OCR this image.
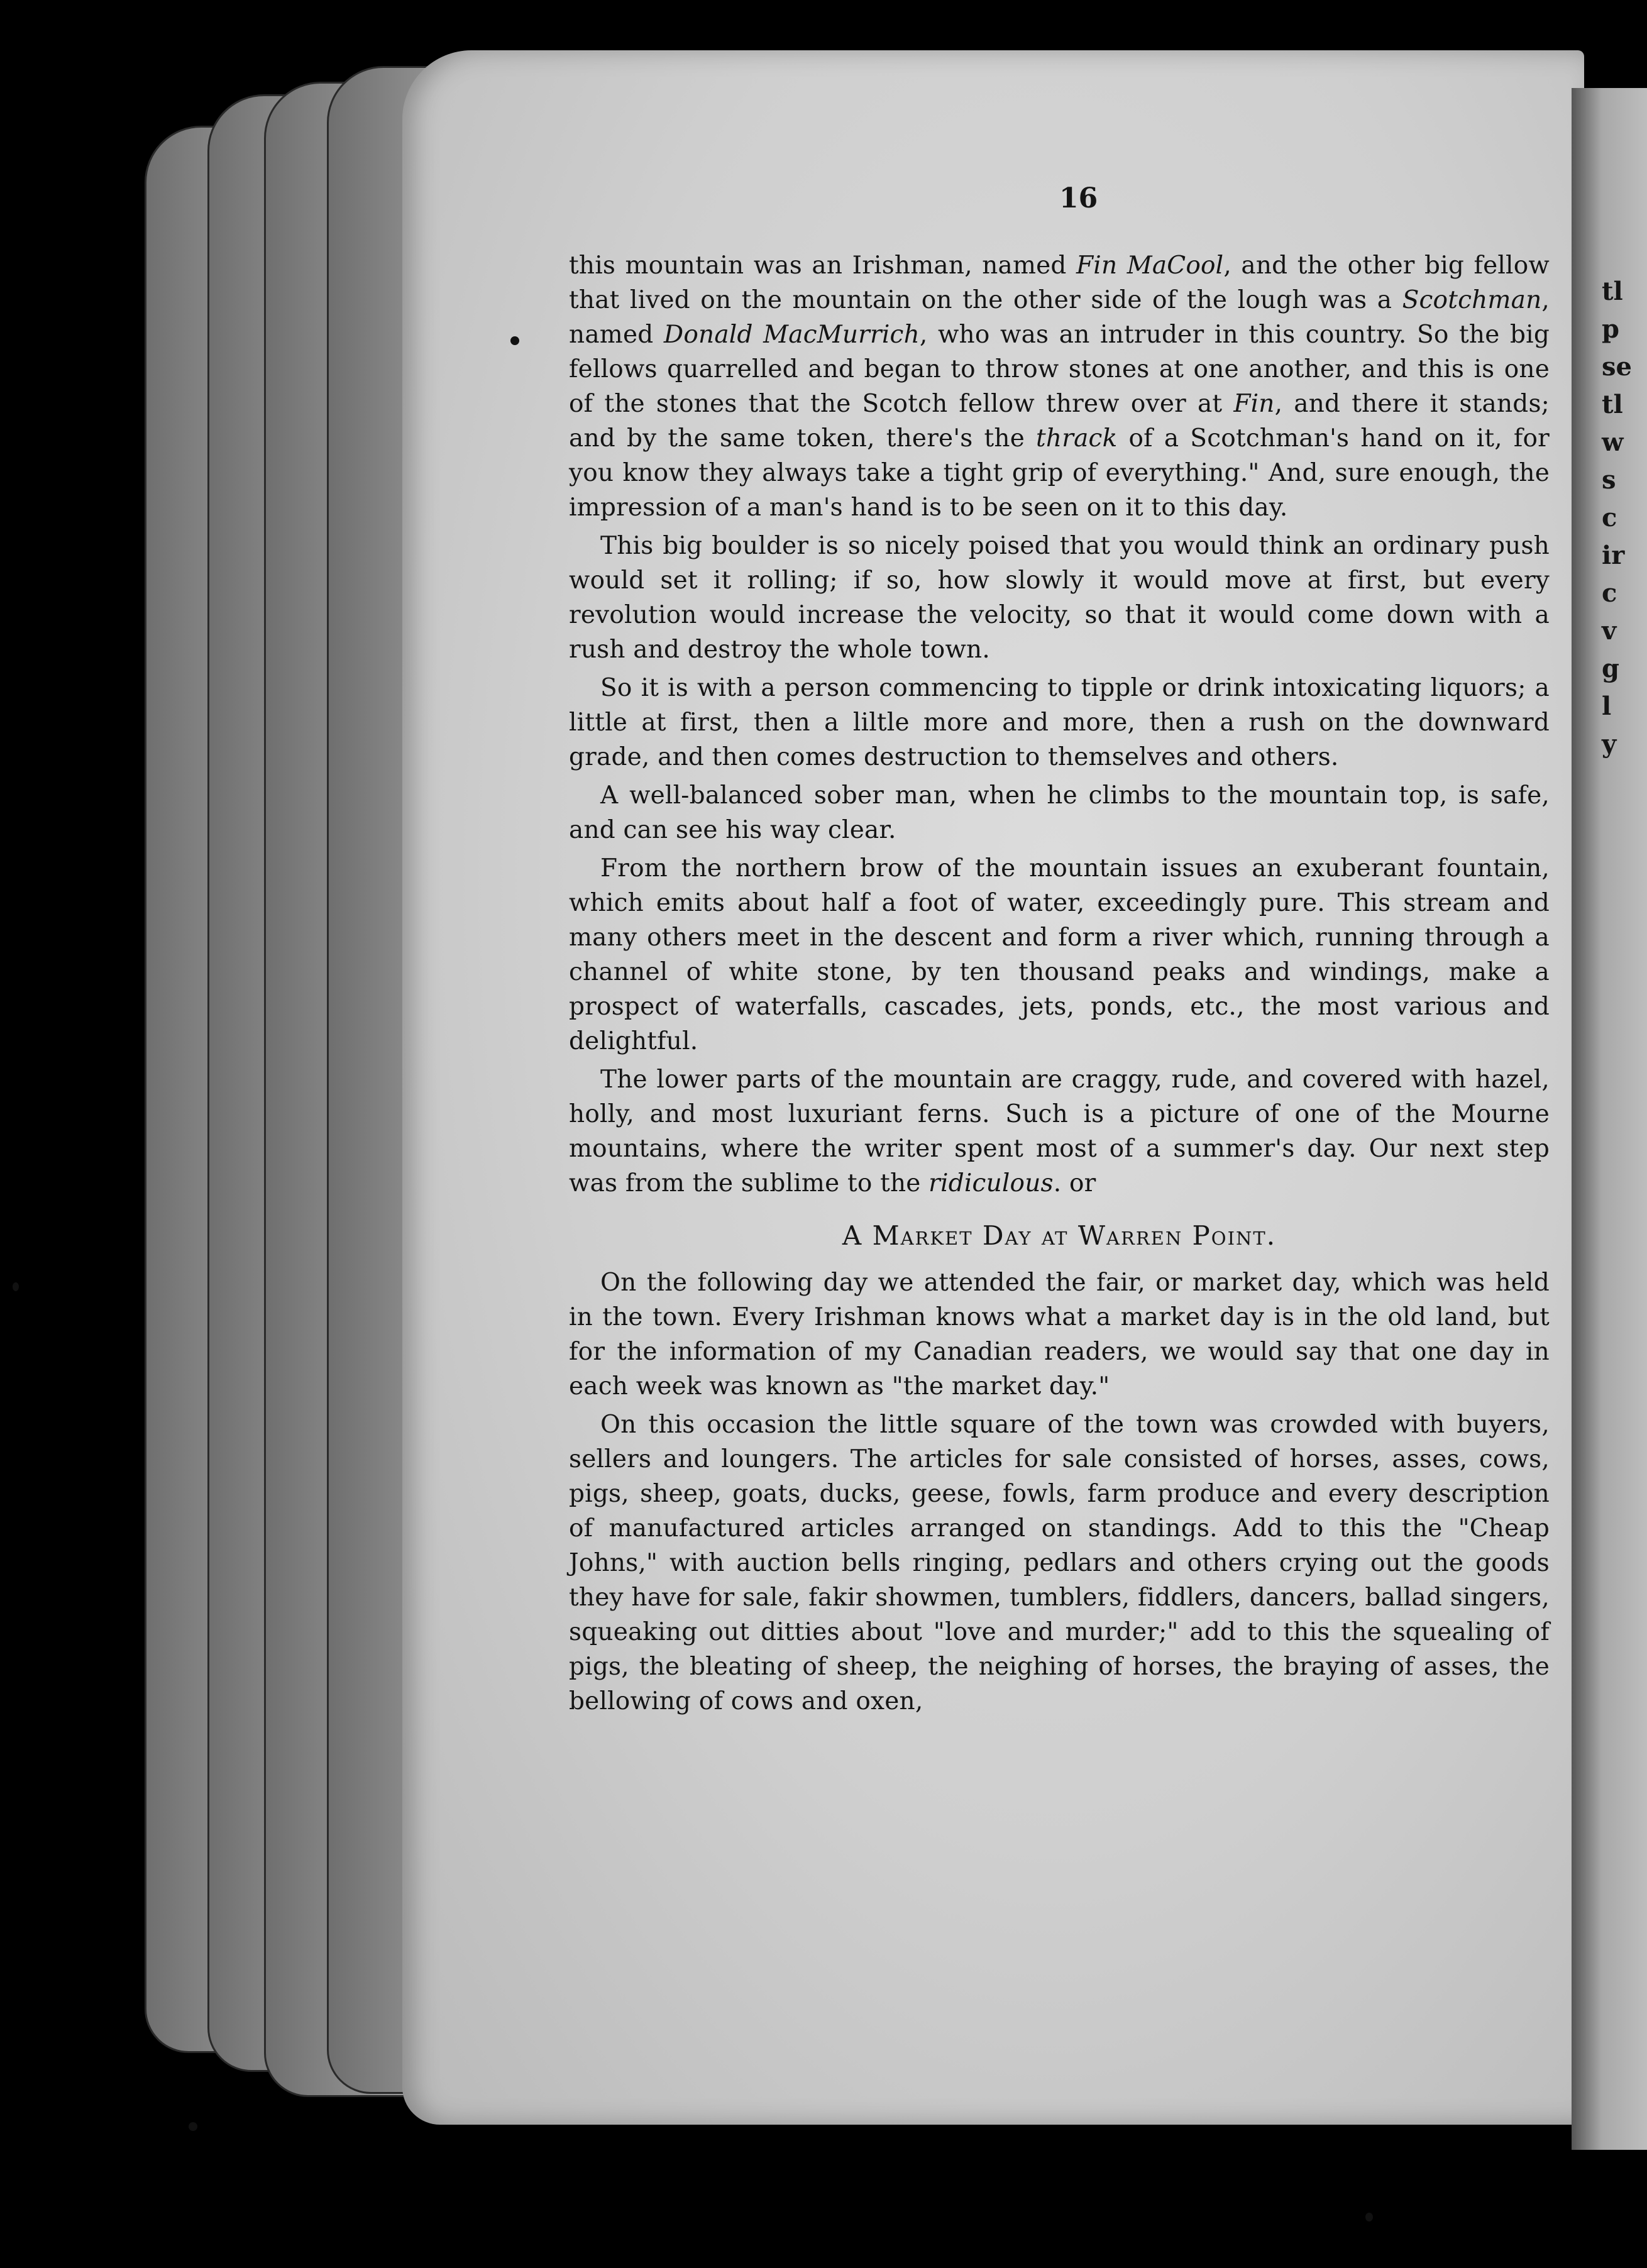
tl
p
se
tl
w
s
c
ir
c
v
g
l
y
16

this mountain was an Irishman, named Fin MaCool, and the other big fellow that lived on the mountain on the other side of the lough was a Scotchman, named Donald MacMurrich, who was an intruder in this country. So the big fellows quarrelled and began to throw stones at one another, and this is one of the stones that the Scotch fellow threw over at Fin, and there it stands; and by the same token, there's the thrack of a Scotchman's hand on it, for you know they always take a tight grip of everything." And, sure enough, the impression of a man's hand is to be seen on it to this day.

This big boulder is so nicely poised that you would think an ordinary push would set it rolling; if so, how slowly it would move at first, but every revolution would increase the velocity, so that it would come down with a rush and destroy the whole town.

So it is with a person commencing to tipple or drink intoxicating liquors; a little at first, then a liltle more and more, then a rush on the downward grade, and then comes destruction to themselves and others.

A well-balanced sober man, when he climbs to the mountain top, is safe, and can see his way clear.

From the northern brow of the mountain issues an exuberant fountain, which emits about half a foot of water, exceedingly pure. This stream and many others meet in the descent and form a river which, running through a channel of white stone, by ten thousand peaks and windings, make a prospect of waterfalls, cascades, jets, ponds, etc., the most various and delightful.

The lower parts of the mountain are craggy, rude, and covered with hazel, holly, and most luxuriant ferns. Such is a picture of one of the Mourne mountains, where the writer spent most of a summer's day. Our next step was from the sublime to the ridiculous. or

A Market Day at Warren Point.

On the following day we attended the fair, or market day, which was held in the town. Every Irishman knows what a market day is in the old land, but for the information of my Canadian readers, we would say that one day in each week was known as "the market day."

On this occasion the little square of the town was crowded with buyers, sellers and loungers. The articles for sale consisted of horses, asses, cows, pigs, sheep, goats, ducks, geese, fowls, farm produce and every description of manufactured articles arranged on standings. Add to this the "Cheap Johns," with auction bells ringing, pedlars and others crying out the goods they have for sale, fakir showmen, tumblers, fiddlers, dancers, ballad singers, squeaking out ditties about "love and murder;" add to this the squealing of pigs, the bleating of sheep, the neighing of horses, the braying of asses, the bellowing of cows and oxen,
